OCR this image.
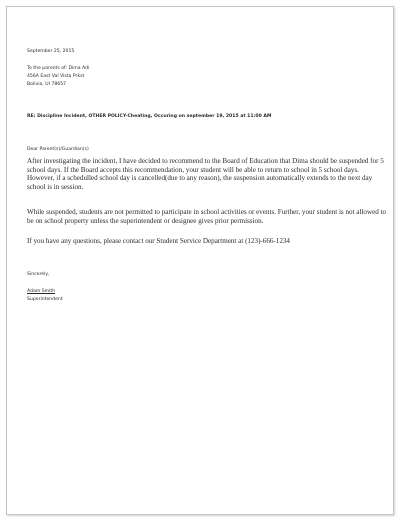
September 25, 2015
To the parents of: Dima Adi
456A East Val Vista Prkst
Bolivia, UI 78657
RE: Discipline Incident, OTHER POLICY-Cheating, Occuring on september 19, 2015 at 11:00 AM
Dear Parent(s)/Guardian(s)
After investigating the incident, I have decided to recommend to the Board of Education that Dima should be suspended for 5 school days. If the Board accepts this recommendation, your student will be able to return to school in 5 school days. However, if a schedulled school day is cancelled(due to any reason), the suspension automatically extends to the next day school is in session.
While suspended, students are not permitted to participate in school activities or events. Further, your student is not allowed to be on school property unless the superintendent or designee gives prior permission.
If you have any questions, please contact our Student Service Department at (123)-666-1234
Sincerely,
Adam Smith
Superintendent
